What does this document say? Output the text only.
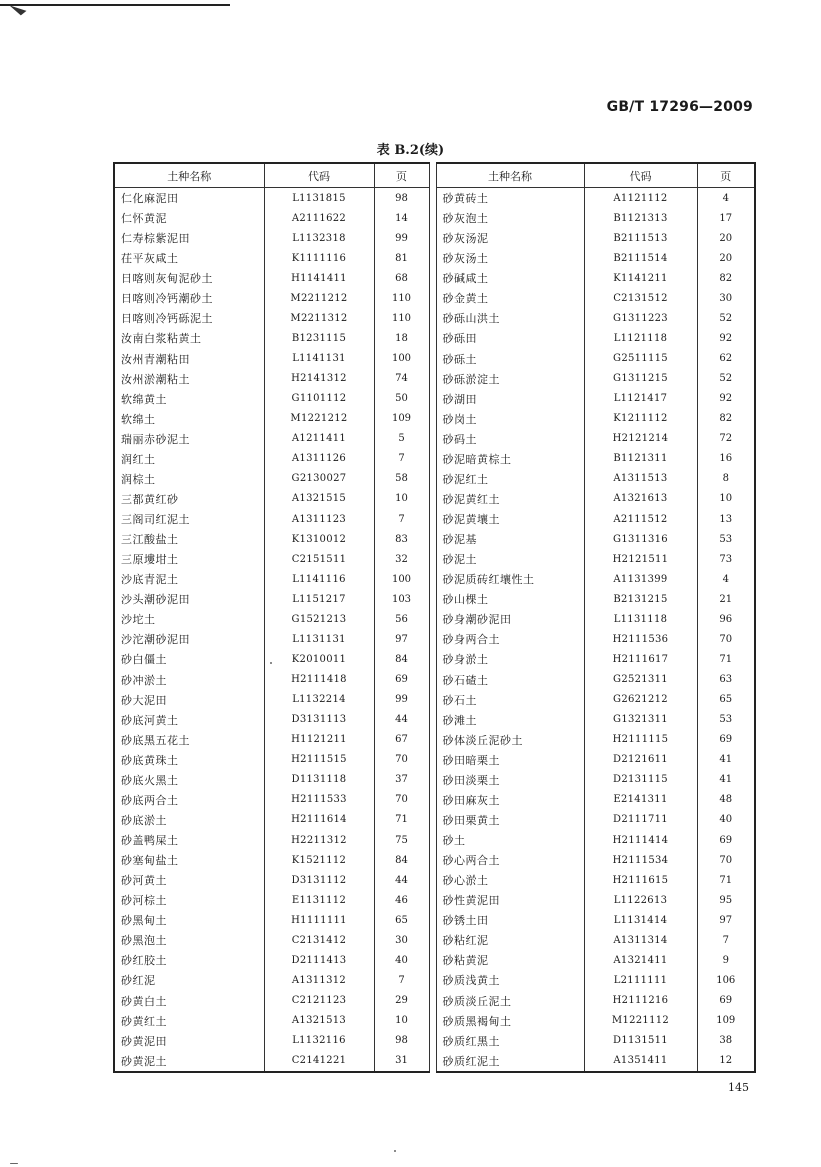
GB/T 17296—2009
表 B.2(续)
土种名称	代码	页
仁化麻泥田	L1131815	98
仁怀黄泥	A2111622	14
仁寿棕紫泥田	L1132318	99
茌平灰咸土	K1111116	81
日喀则灰甸泥砂土	H1141411	68
日喀则冷钙潮砂土	M2211212	110
日喀则冷钙砾泥土	M2211312	110
汝南白浆粘黄土	B1231115	18
汝州青潮粘田	L1141131	100
汝州淤潮粘土	H2141312	74
软绵黄土	G1101112	50
软绵土	M1221212	109
瑞丽赤砂泥土	A1211411	5
润红土	A1311126	7
润棕土	G2130027	58
三都黄红砂	A1321515	10
三阁司红泥土	A1311123	7
三江酸盐土	K1310012	83
三原塿坩土	C2151511	32
沙底青泥土	L1141116	100
沙头潮砂泥田	L1151217	103
沙坨土	G1521213	56
沙沱潮砂泥田	L1131131	97
砂白僵土	K2010011	84
砂冲淤土	H2111418	69
砂大泥田	L1132214	99
砂底河黄土	D3131113	44
砂底黑五花土	H1121211	67
砂底黄珠土	H2111515	70
砂底火黑土	D1131118	37
砂底两合土	H2111533	70
砂底淤土	H2111614	71
砂盖鸭屎土	H2211312	75
砂塞甸盐土	K1521112	84
砂河黄土	D3131112	44
砂河棕土	E1131112	46
砂黑甸土	H1111111	65
砂黑泡土	C2131412	30
砂红胶土	D2111413	40
砂红泥	A1311312	7
砂黄白土	C2121123	29
砂黄红土	A1321513	10
砂黄泥田	L1132116	98
砂黄泥土	C2141221	31
土种名称	代码	页
砂黄砖土	A1121112	4
砂灰泡土	B1121313	17
砂灰汤泥	B2111513	20
砂灰汤土	B2111514	20
砂碱咸土	K1141211	82
砂金黄土	C2131512	30
砂砾山洪土	G1311223	52
砂砾田	L1121118	92
砂砾土	G2511115	62
砂砾淤淀土	G1311215	52
砂湖田	L1121417	92
砂岗土	K1211112	82
砂码土	H2121214	72
砂泥暗黄棕土	B1121311	16
砂泥红土	A1311513	8
砂泥黄红土	A1321613	10
砂泥黄壤土	A2111512	13
砂泥基	G1311316	53
砂泥土	H2121511	73
砂泥质砖红壤性土	A1131399	4
砂山棵土	B2131215	21
砂身潮砂泥田	L1131118	96
砂身两合土	H2111536	70
砂身淤土	H2111617	71
砂石碴土	G2521311	63
砂石土	G2621212	65
砂滩土	G1321311	53
砂体淡丘泥砂土	H2111115	69
砂田暗栗土	D2121611	41
砂田淡栗土	D2131115	41
砂田麻灰土	E2141311	48
砂田栗黄土	D2111711	40
砂土	H2111414	69
砂心两合土	H2111534	70
砂心淤土	H2111615	71
砂性黄泥田	L1122613	95
砂锈土田	L1131414	97
砂粘红泥	A1311314	7
砂粘黄泥	A1321411	9
砂质浅黄土	L2111111	106
砂质淡丘泥土	H2111216	69
砂质黑褐甸土	M1221112	109
砂质红黑土	D1131511	38
砂质红泥土	A1351411	12
145
